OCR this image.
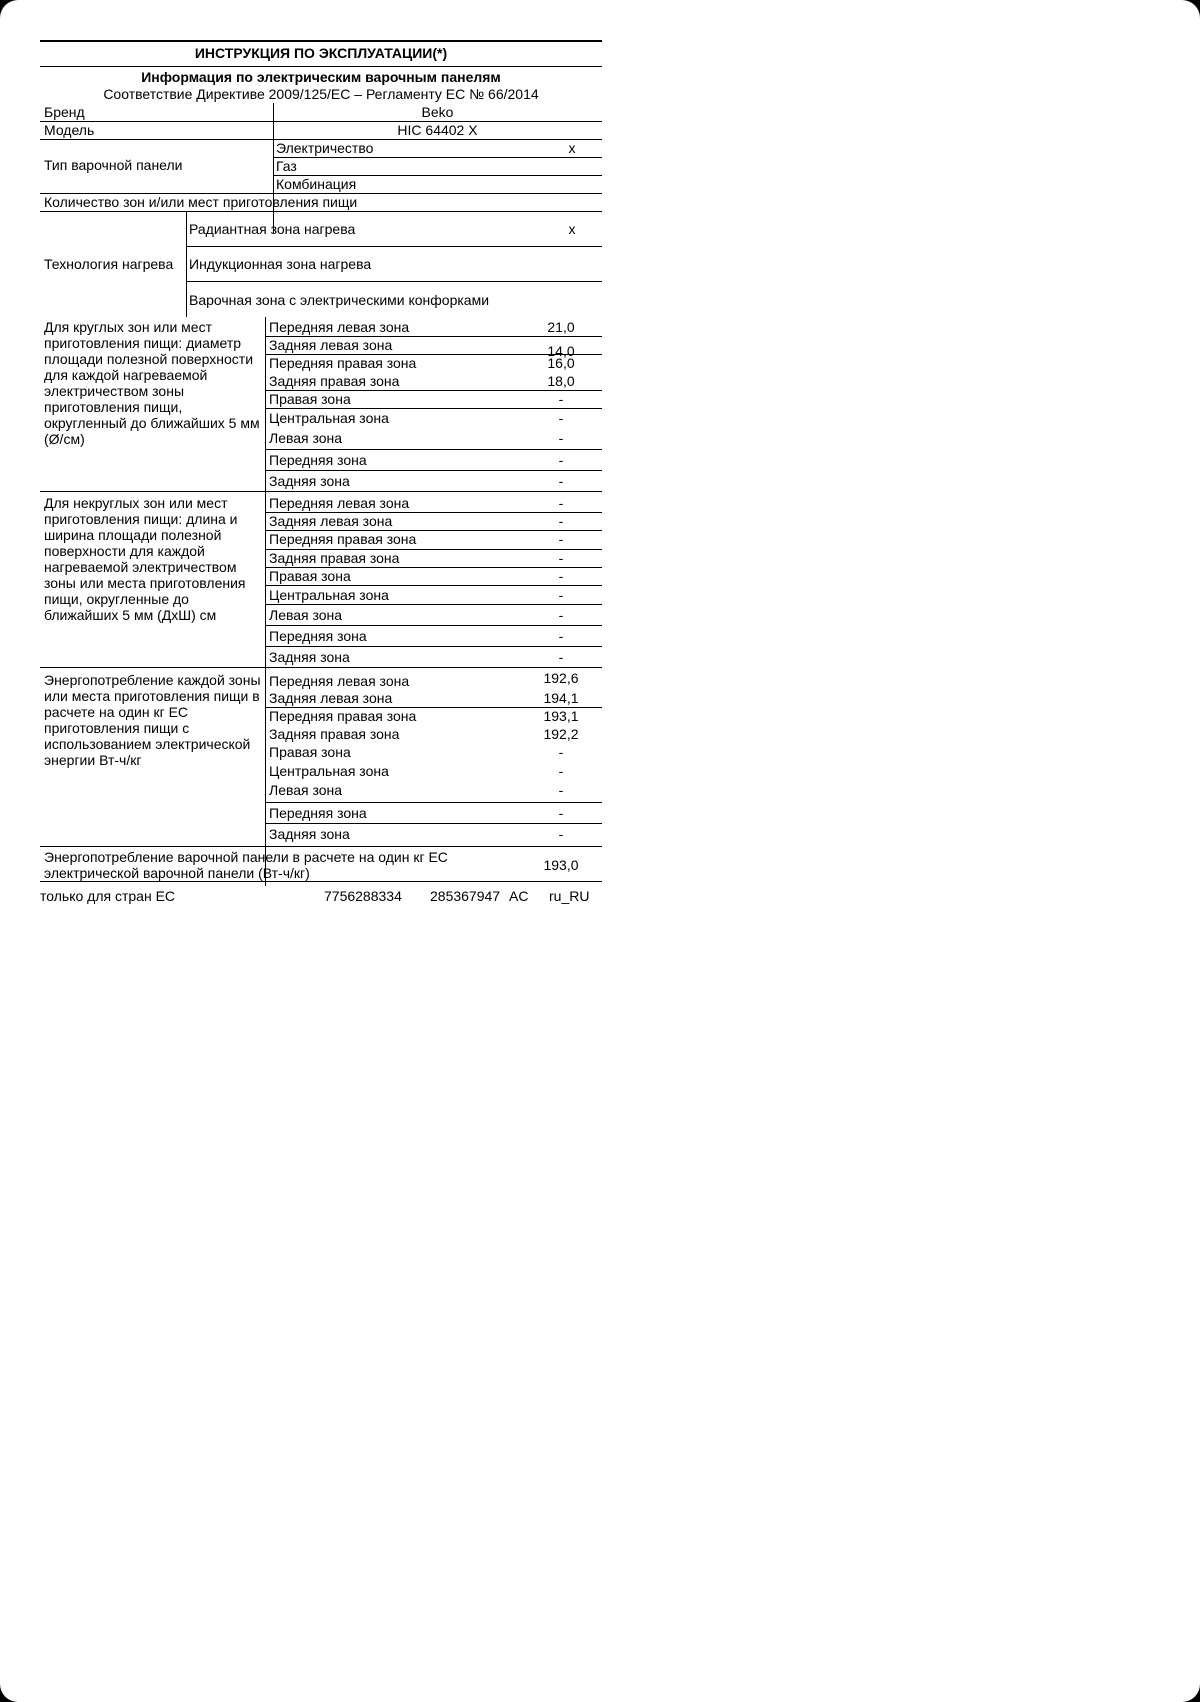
ИНСТРУКЦИЯ ПО ЭКСПЛУАТАЦИИ(*)
Информация по электрическим варочным панелям
Соответствие Директиве 2009/125/ЕС – Регламенту ЕС № 66/2014
Бренд	Beko
Модель	HIC 64402 X
Тип варочной панели
Электричество	x
Газ
Комбинация
Количество зон и/или мест приготовления пищи
Технология нагрева
Радиантная зона нагрева	x
Индукционная зона нагрева
Варочная зона с электрическими конфорками
Для круглых зон или мест приготовления пищи: диаметр площади полезной поверхности для каждой нагреваемой электричеством зоны приготовления пищи, округленный до ближайших 5 мм (Ø/см)
Передняя левая зона	21,0
Задняя левая зона	14,0
Передняя правая зона	16,0
Задняя правая зона	18,0
Правая зона	-
Центральная зона	-
Левая зона	-
Передняя зона	-
Задняя зона	-
Для некруглых зон или мест приготовления пищи: длина и ширина площади полезной поверхности для каждой нагреваемой электричеством зоны или места приготовления пищи, округленные до ближайших 5 мм (ДхШ) см
Передняя левая зона	-
Задняя левая зона	-
Передняя правая зона	-
Задняя правая зона	-
Правая зона	-
Центральная зона	-
Левая зона	-
Передняя зона	-
Задняя зона	-
Энергопотребление каждой зоны или места приготовления пищи в расчете на один кг ЕС приготовления пищи с использованием электрической энергии Вт-ч/кг
Передняя левая зона	192,6
Задняя левая зона	194,1
Передняя правая зона	193,1
Задняя правая зона	192,2
Правая зона	-
Центральная зона	-
Левая зона	-
Передняя зона	-
Задняя зона	-
Энергопотребление варочной панели в расчете на один кг ЕС электрической варочной панели (Вт-ч/кг)	193,0
только для стран ЕС	7756288334 285367947 AC ru_RU
